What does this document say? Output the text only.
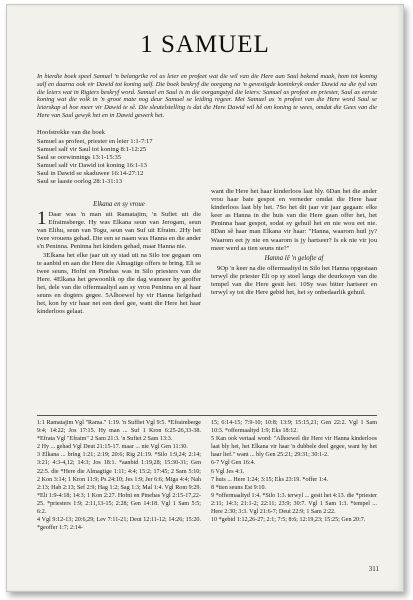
1 SAMUEL
In hierdie boek speel Samuel 'n belangrike rol as leier en profeet wat die wil van die Here aan Saul bekend maak, hom tot koning salf en daarna ook vir Dawid tot koning salf. Die boek beskryf die oorgang na 'n gevestigde koninkryk onder Dawid na die tyd van die leiers wat in Rigters beskryf word. Samuel en Saul is in die oorgangstyd die leiers: Samuel as profeet en priester, Saul as eerste koning wat die volk in 'n groot mate nog deur Samuel se leiding regeer. Met Samuel as 'n profeet van die Here word Saul se leierskap al hoe meer vir Dawid te sê. Die sleutelstelling is dat die Here Dawid wil hê om koning te wees, omdat die Gees van die Here van Saul gewyk het en in Dawid gewerk het.
Hoofstrekke van die boek
Samuel as profeet, priester en leier 1:1-7:17
Samuel salf vir Saul tot koning 8:1-12:25
Saul se oorwinnings 13:1-15:35
Samuel salf vir Dawid tot koning 16:1-13
Saul in Dawid se skaduwee 16:14-27:12
Saul se laaste oorlog 28:1-31:13
Elkana en sy vroue

1 Daar was 'n man uit Ramatajim, 'n Sufiet uit die Efraimsberge. Hy was Elkana seun van Jerogam, seun van Elihu, seun van Togu, seun van Suf uit Efraim. 2Hy het twee vrouens gehad. Die een se naam was Hanna en die ander s'n Peninna. Peninna het kinders gehad, maar Hanna nie.

3Elkana het elke jaar uit sy stad uit na Silo toe gegaan om te aanbid en aan die Here die Almagtige offers te bring. Eli se twee seuns, Hofni en Pinehas was in Silo priesters van die Here. 4Elkana het gewoonlik op die dag wanneer hy geoffer het, dele van die offermaaltyd aan sy vrou Peninna en al haar seuns en dogters gegee. 5Alhoewel hy vir Hanna liefgehad het, kon hy vir haar net een deel gee, want die Here het haar kinderloos gelaat.

want die Here het haar kinderloos laat bly. 6Dan het die ander vrou haar baie gespot en verneder omdat die Here haar kinderloos laat bly het. 7So het dit jaar vir jaar gegaan: elke keer as Hanna in die huis van die Here gaan offer het, het Peninna haar gespot, sodat sy gehuil het en nie wou eet nie. 8Dan sê haar man Elkana vir haar: "Hanna, waarom huil jy? Waarom eet jy nie en waarom is jy hartseer? Is ek nie vir jou meer werd as tien seuns nie?"

Hanna lê 'n gelofte af

9Op 'n keer na die offermaaltyd in Silo het Hanna opgestaan terwyl die priester Eli op sy stoel langs die deurkosyn van die tempel van die Here gesit het. 10Sy was bitter hartseer en terwyl sy tot die Here gebid het, het sy onbedaarlik gehuil.

1:1 Ramatajim Vgl "Rama." 1:19. 'n Suffiet Vgl 9:5. *Efraimberge 9:4; 14:22; Jos 17:15. Hy man ... Suf 1 Kron 6:25-26,33-38. *Efrata Vgl "Efraim" 2 Sam 21:3. 'n Sufiet 2 Sam 13:3.

2 Hy ... gehad Vgl Deut 21:15-17. maar ... nie Vgl Gen 11:30.

3 Elkana ... bring 1:21; 2:19; 20:6; Rig 21:19. *Silo 1:9,24; 2:14; 3:21; 4:3-4,12; 14:3; Jos 18:1. *aanbid 1:19,28; 15:30-31; Gen 22:5. die *Here die Almagtige 1:11; 4:4; 15:2; 17:45; 2 Sam 5:10; 2 Kon 3:14; 1 Kron 11:9; Ps 24:10; Jes 1:9; Jer 6:6; Miga 4:4; Nah 2:13; Hab 2:13; Sef 2:9; Hag 1:2; Sag 1:3; Mal 1:4. Vgl Rom 9:29. *Eli 1:9-4:18; 14:3; 1 Kon 2:27. Hofni en Pinehas Vgl 2:15-17,22-25. *priesters 1:9; 2:11,13-15; 2:28; Gen 14:18. Vgl 1 Sam 5:5; 6:2.

4 Vgl 9:12-13; 20:6,29; Lev 7:11-21; Deut 12:11-12; 14:26; 15:20. *geoffer 1:7; 2:14-

15; 6:14-15; 7:9-10; 10:8; 13:9; 15:15,21; Gen 22:2. Vgl 1 Sam 10:3. *offermaaltyd 1:9; Eks 18:12.

5 Kan ook vertaal word: "Alhoewel die Here vir Hanna kinderloos laat bly het, het Elkana vir haar 'n dubbele deel gegee, want hy het haar lief." want ... bly Gen 25:21; 29:31; 30:1-2.

6-7 Vgl Gen 16:4.

6 Vgl Jes 4:1.

7 huis ... Here 1:24; 3:15; Eks 23:19. *offer 1:4.

8 *tien seuns Est 9:10.

9 *offermaaltyd 1:4. *Silo 1:3. terwyl ... gesit het 4:13. die *priester 2:11; 14:3; 21:1-2; 22:11; 23:9; 30:7. Vgl 1 Sam 1:3. *tempel ... Here 2:30; 3:3. Vgl 21:6-7; Deut 22:9; 1 Sam 2:22.

10 *gebid 1:12,26-27; 2:1; 7:5; 8:6; 12:19,23; 15:25; Gen 20:7.

311
